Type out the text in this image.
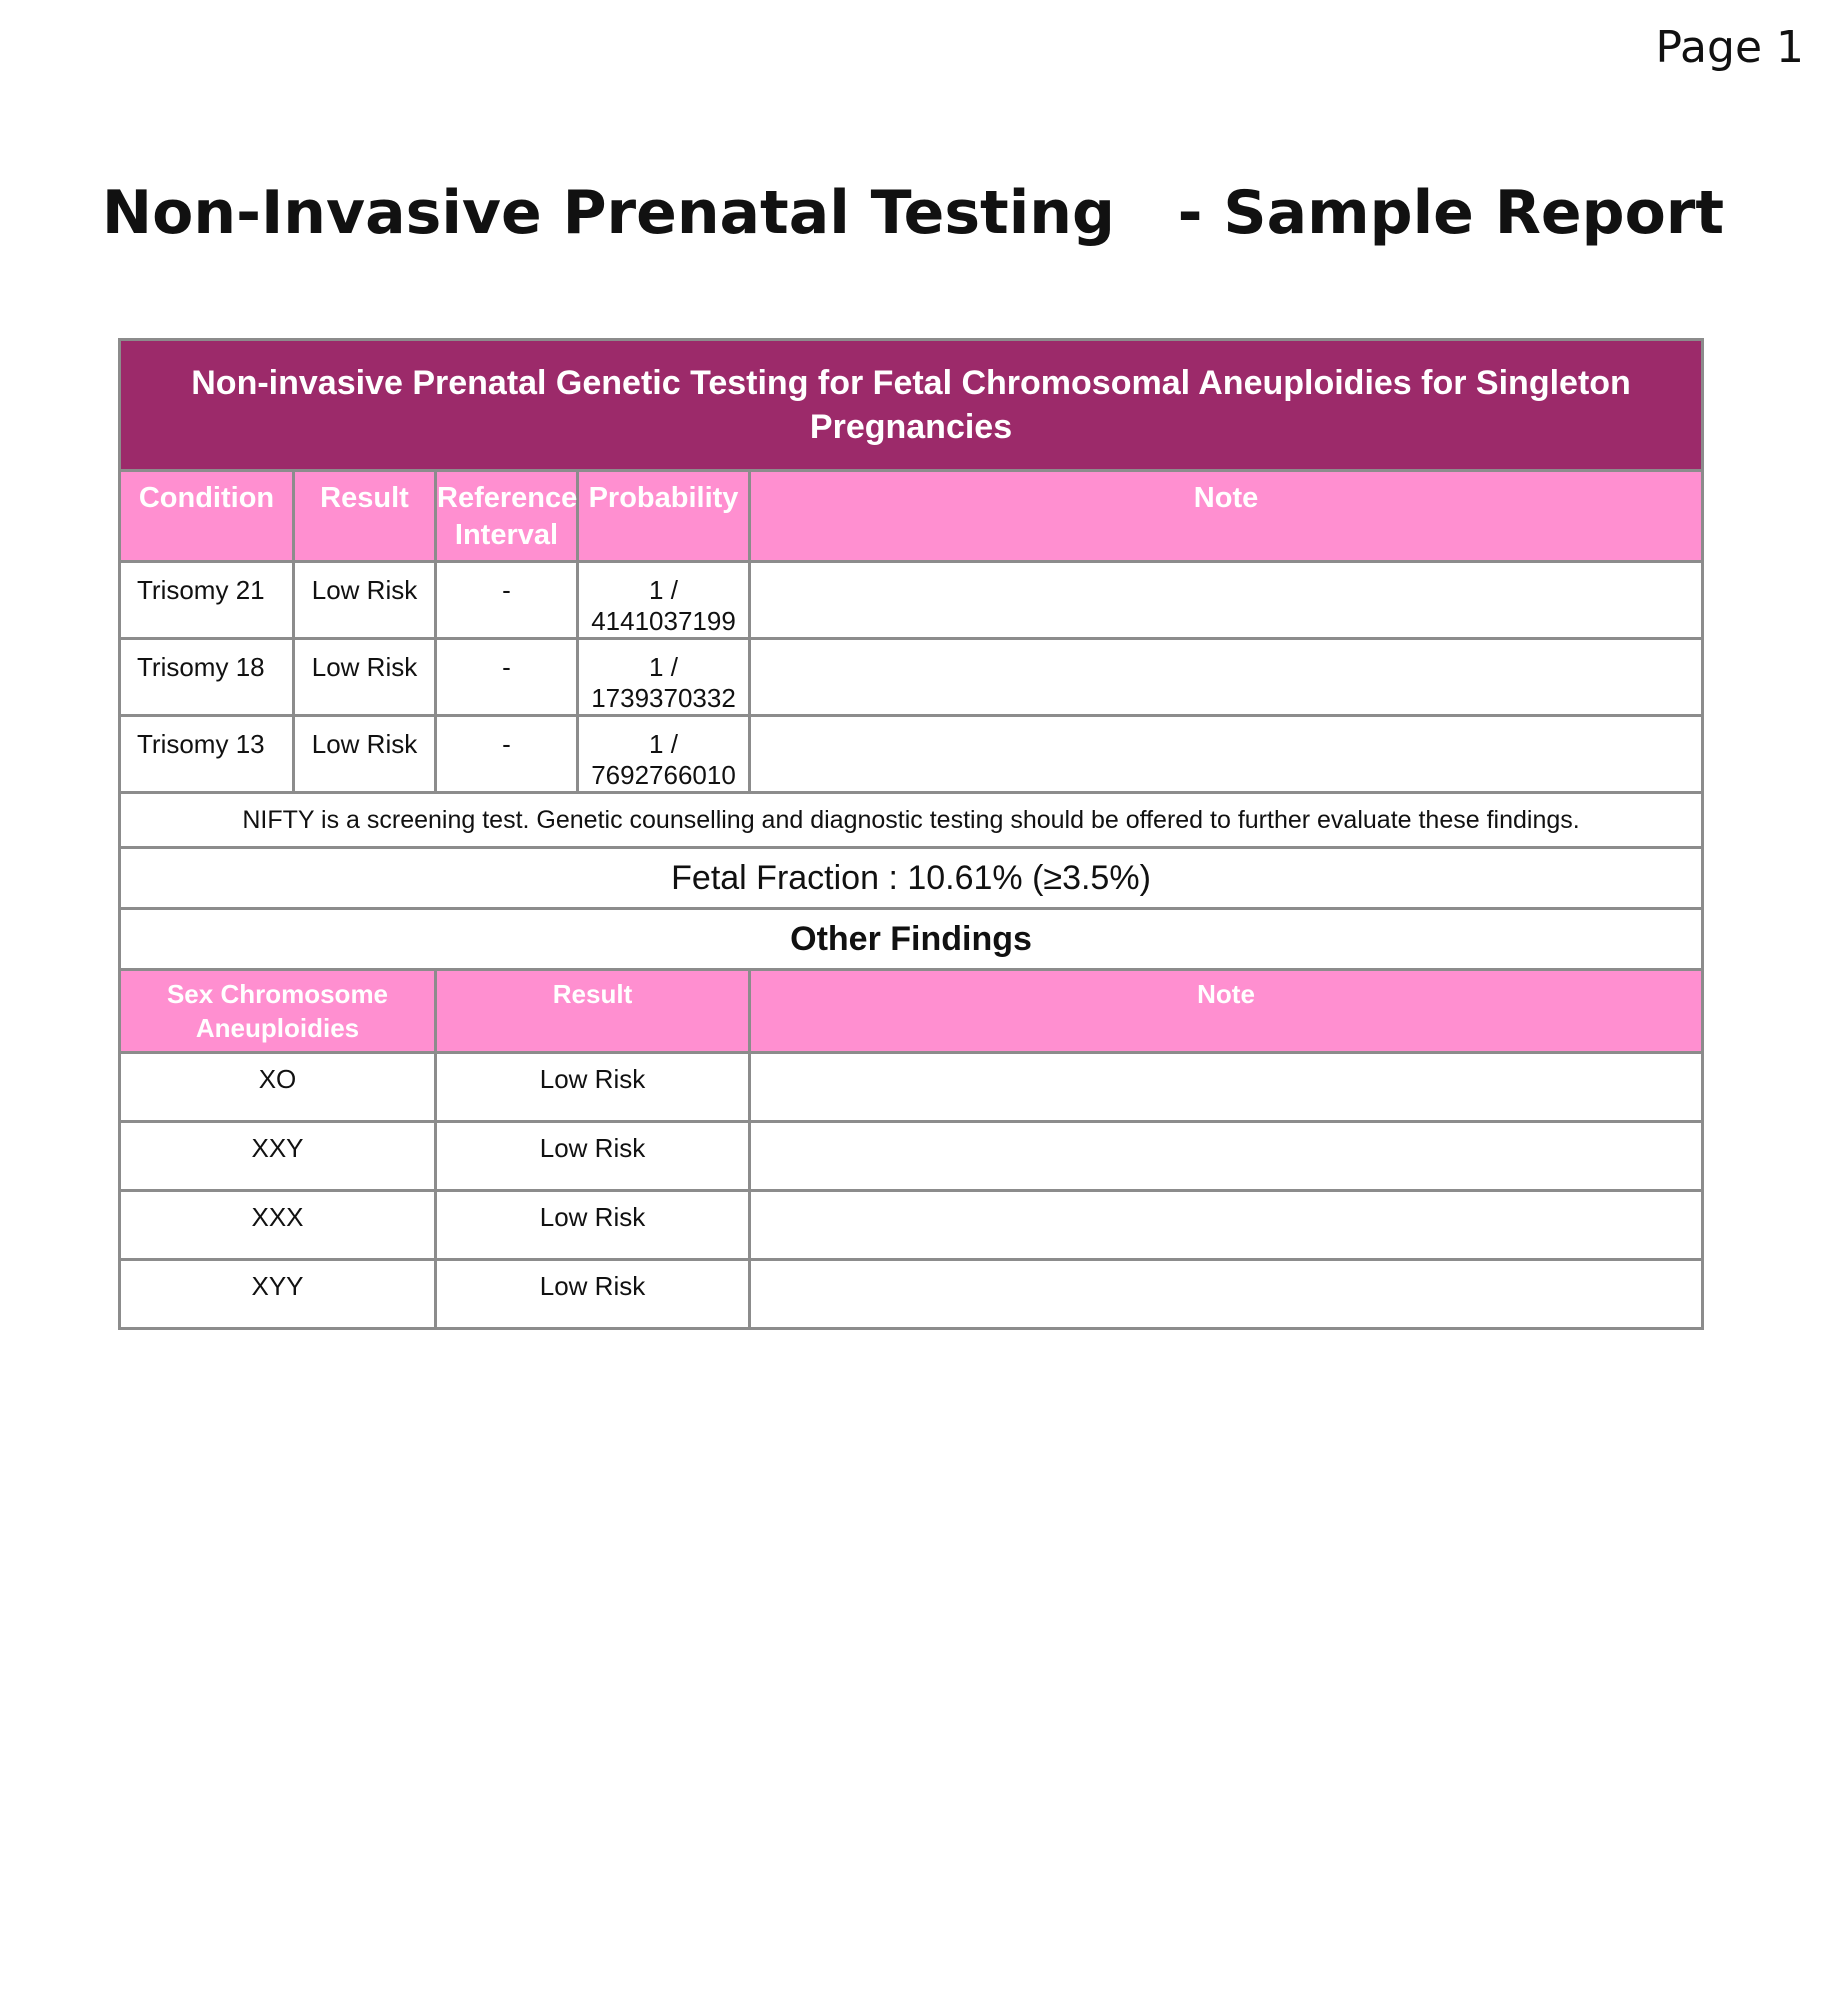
Page 1
Non-Invasive Prenatal Testing   - Sample Report
Non-invasive Prenatal Genetic Testing for Fetal Chromosomal Aneuploidies for Singleton Pregnancies				
Condition	Result	Reference Interval	Probability	Note
Trisomy 21	Low Risk	-	1 / 4141037199	
Trisomy 18	Low Risk	-	1 / 1739370332	
Trisomy 13	Low Risk	-	1 / 7692766010	
NIFTY is a screening test. Genetic counselling and diagnostic testing should be offered to further evaluate these findings.				
Fetal Fraction : 10.61% (≥3.5%)				
Other Findings				
Sex Chromosome Aneuploidies		Result		Note
XO		Low Risk		
XXY		Low Risk		
XXX		Low Risk		
XYY		Low Risk		
